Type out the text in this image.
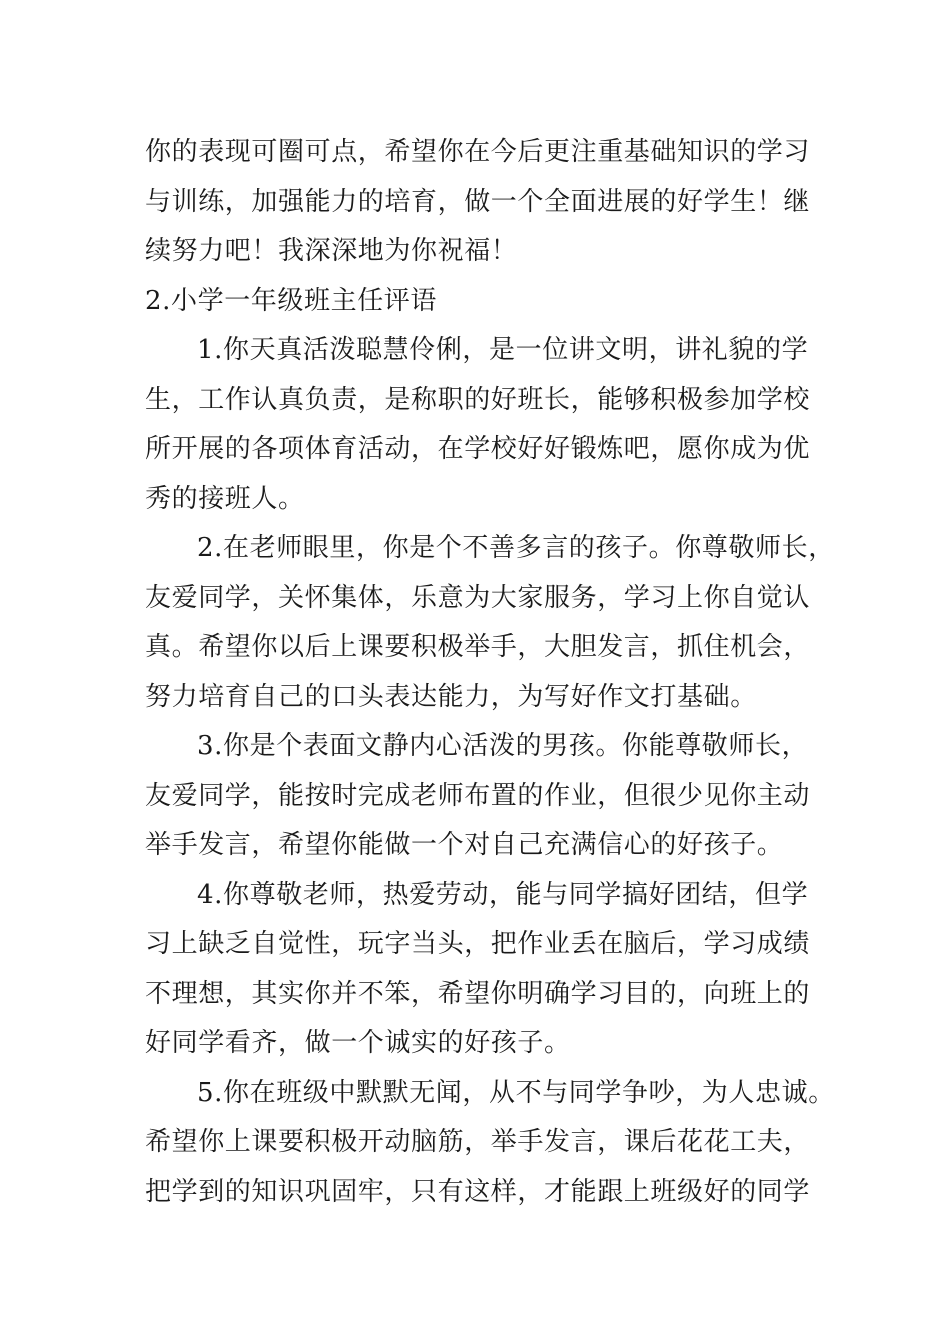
你的表现可圈可点，希望你在今后更注重基础知识的学习
与训练，加强能力的培育，做一个全面进展的好学生！继
续努力吧！我深深地为你祝福！
2.小学一年级班主任评语
1.你天真活泼聪慧伶俐，是一位讲文明，讲礼貌的学
生，工作认真负责，是称职的好班长，能够积极参加学校
所开展的各项体育活动，在学校好好锻炼吧，愿你成为优
秀的接班人。
2.在老师眼里，你是个不善多言的孩子。你尊敬师长，
友爱同学，关怀集体，乐意为大家服务，学习上你自觉认
真。希望你以后上课要积极举手，大胆发言，抓住机会，
努力培育自己的口头表达能力，为写好作文打基础。
3.你是个表面文静内心活泼的男孩。你能尊敬师长，
友爱同学，能按时完成老师布置的作业，但很少见你主动
举手发言，希望你能做一个对自己充满信心的好孩子。
4.你尊敬老师，热爱劳动，能与同学搞好团结，但学
习上缺乏自觉性，玩字当头，把作业丢在脑后，学习成绩
不理想，其实你并不笨，希望你明确学习目的，向班上的
好同学看齐，做一个诚实的好孩子。
5.你在班级中默默无闻，从不与同学争吵，为人忠诚。
希望你上课要积极开动脑筋，举手发言，课后花花工夫，
把学到的知识巩固牢，只有这样，才能跟上班级好的同学
